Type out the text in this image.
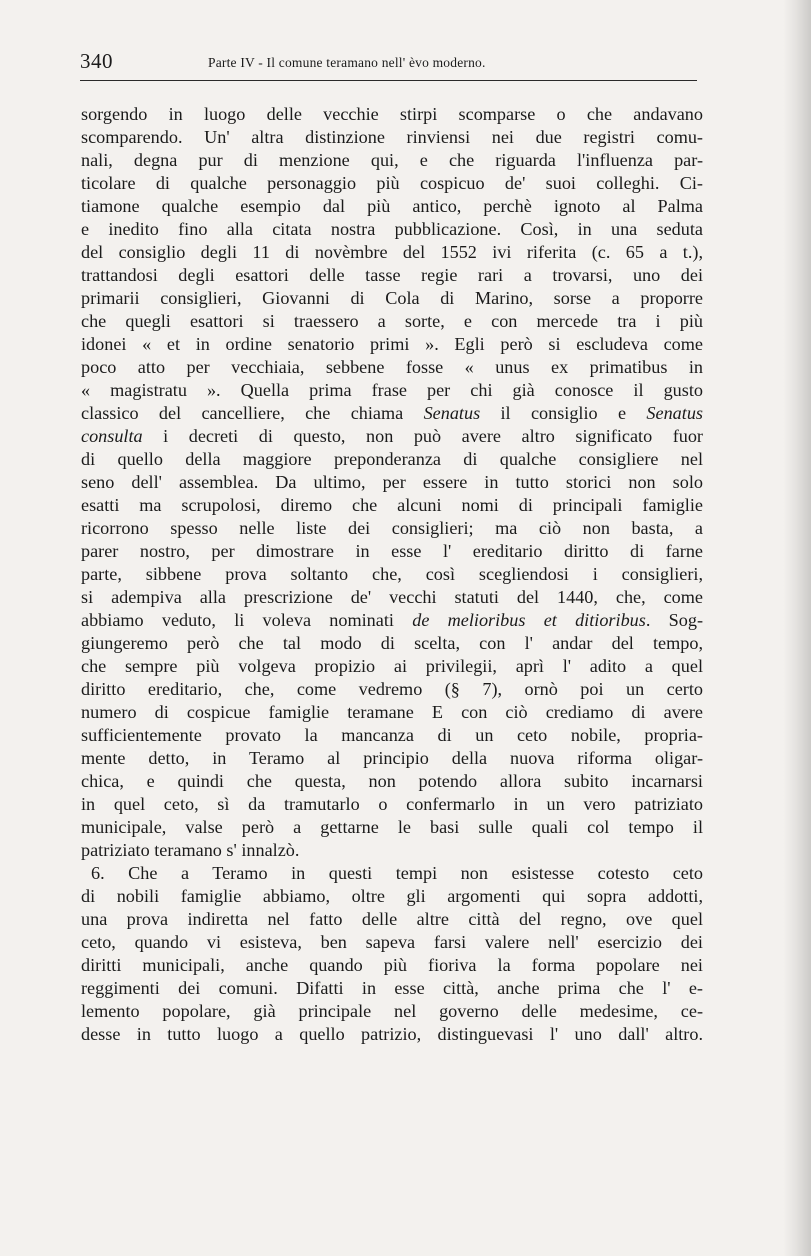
340	Parte IV - Il comune teramano nell' èvo moderno.
sorgendo in luogo delle vecchie stirpi scomparse o che andavano
scomparendo. Un' altra distinzione rinviensi nei due registri comu-
nali, degna pur di menzione qui, e che riguarda l'influenza par-
ticolare di qualche personaggio più cospicuo de' suoi colleghi. Ci-
tiamone qualche esempio dal più antico, perchè ignoto al Palma
e inedito fino alla citata nostra pubblicazione. Così, in una seduta
del consiglio degli 11 di novèmbre del 1552 ivi riferita (c. 65 a t.),
trattandosi degli esattori delle tasse regie rari a trovarsi, uno dei
primarii consiglieri, Giovanni di Cola di Marino, sorse a proporre
che quegli esattori si traessero a sorte, e con mercede tra i più
idonei « et in ordine senatorio primi ». Egli però si escludeva come
poco atto per vecchiaia, sebbene fosse « unus ex primatibus in
« magistratu ». Quella prima frase per chi già conosce il gusto
classico del cancelliere, che chiama Senatus il consiglio e Senatus
consulta i decreti di questo, non può avere altro significato fuor
di quello della maggiore preponderanza di qualche consigliere nel
seno dell' assemblea. Da ultimo, per essere in tutto storici non solo
esatti ma scrupolosi, diremo che alcuni nomi di principali famiglie
ricorrono spesso nelle liste dei consiglieri; ma ciò non basta, a
parer nostro, per dimostrare in esse l' ereditario diritto di farne
parte, sibbene prova soltanto che, così scegliendosi i consiglieri,
si adempiva alla prescrizione de' vecchi statuti del 1440, che, come
abbiamo veduto, li voleva nominati de melioribus et ditioribus. Sog-
giungeremo però che tal modo di scelta, con l' andar del tempo,
che sempre più volgeva propizio ai privilegii, aprì l' adito a quel
diritto ereditario, che, come vedremo (§ 7), ornò poi un certo
numero di cospicue famiglie teramane E con ciò crediamo di avere
sufficientemente provato la mancanza di un ceto nobile, propria-
mente detto, in Teramo al principio della nuova riforma oligar-
chica, e quindi che questa, non potendo allora subito incarnarsi
in quel ceto, sì da tramutarlo o confermarlo in un vero patriziato
municipale, valse però a gettarne le basi sulle quali col tempo il
patriziato teramano s' innalzò.
6. Che a Teramo in questi tempi non esistesse cotesto ceto
di nobili famiglie abbiamo, oltre gli argomenti qui sopra addotti,
una prova indiretta nel fatto delle altre città del regno, ove quel
ceto, quando vi esisteva, ben sapeva farsi valere nell' esercizio dei
diritti municipali, anche quando più fioriva la forma popolare nei
reggimenti dei comuni. Difatti in esse città, anche prima che l' e-
lemento popolare, già principale nel governo delle medesime, ce-
desse in tutto luogo a quello patrizio, distinguevasi l' uno dall' altro.
